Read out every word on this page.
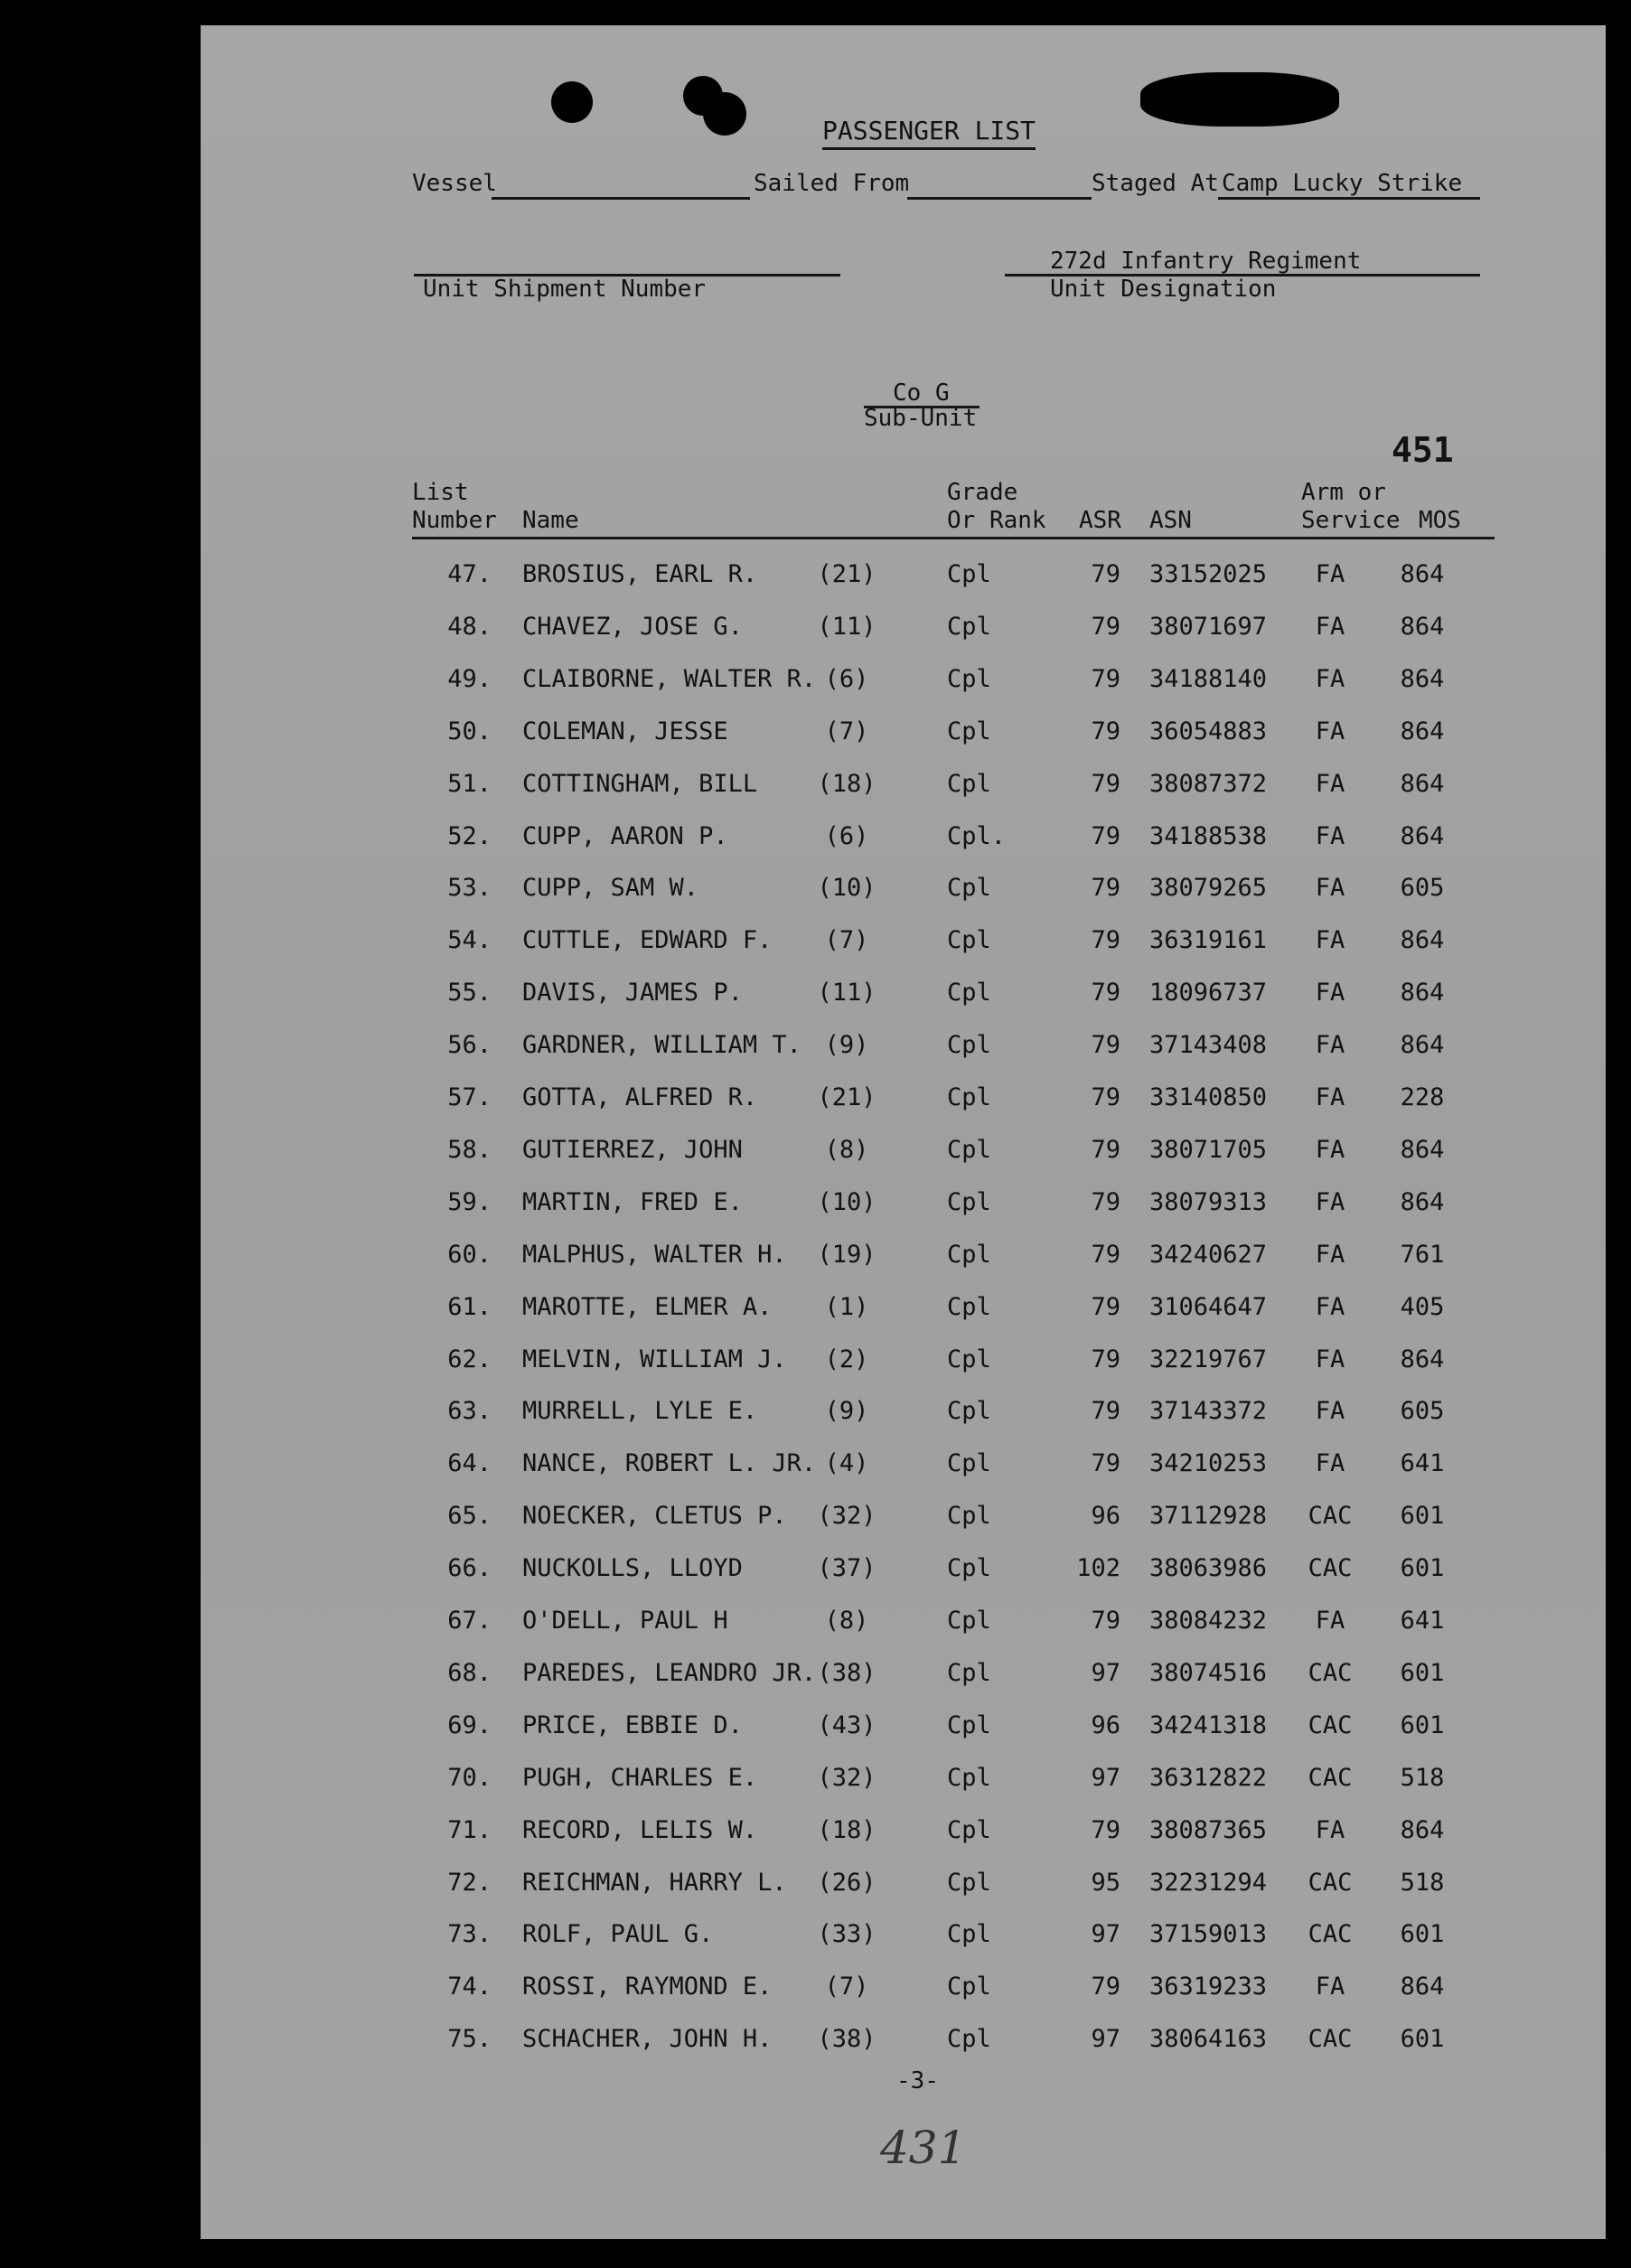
PASSENGER LIST
Vessel	Sailed From	Staged At Camp Lucky Strike
Unit Shipment Number
272d Infantry Regiment
Unit Designation
Co G
Sub-Unit
451
List
Number Name
Grade
Or Rank ASR ASN
Arm or
Service MOS
47. BROSIUS, EARL R. (21)	Cpl	79 33152025	FA	864
48. CHAVEZ, JOSE G.	(11)	Cpl	79 38071697	FA	864
49. CLAIBORNE, WALTER R. (6)	Cpl	79 34188140	FA	864
50. COLEMAN, JESSE	(7)	Cpl	79 36054883	FA	864
51. COTTINGHAM, BILL (18)	Cpl	79 38087372	FA	864
52. CUPP, AARON P.	(6)	Cpl.	79 34188538	FA	864
53. CUPP, SAM W.	(10)	Cpl	79 38079265	FA	605
54. CUTTLE, EDWARD F.	(7)	Cpl	79 36319161	FA	864
55. DAVIS, JAMES P.	(11)	Cpl	79 18096737	FA	864
56. GARDNER, WILLIAM T. (9)	Cpl	79 37143408	FA	864
57. GOTTA, ALFRED R. (21)	Cpl	79 33140850	FA	228
58. GUTIERREZ, JOHN	(8)	Cpl	79 38071705	FA	864
59. MARTIN, FRED E.	(10)	Cpl	79 38079313	FA	864
60. MALPHUS, WALTER H. (19)	Cpl	79 34240627	FA	761
61. MAROTTE, ELMER A.	(1)	Cpl	79 31064647	FA	405
62. MELVIN, WILLIAM J.	(2)	Cpl	79 32219767	FA	864
63. MURRELL, LYLE E.	(9)	Cpl	79 37143372	FA	605
64. NANCE, ROBERT L. JR. (4)	Cpl	79 34210253	FA	641
65. NOECKER, CLETUS P. (32)	Cpl	96 37112928	CAC	601
66. NUCKOLLS, LLOYD	(37)	Cpl	102 38063986	CAC	601
67. O'DELL, PAUL H	(8)	Cpl	79 38084232	FA	641
68. PAREDES, LEANDRO JR. (38)	Cpl	97 38074516	CAC	601
69. PRICE, EBBIE D.	(43)	Cpl	96 34241318	CAC	601
70. PUGH, CHARLES E. (32)	Cpl	97 36312822	CAC	518
71. RECORD, LELIS W. (18)	Cpl	79 38087365	FA	864
72. REICHMAN, HARRY L. (26)	Cpl	95 32231294	CAC	518
73. ROLF, PAUL G.	(33)	Cpl	97 37159013	CAC	601
74. ROSSI, RAYMOND E.	(7)	Cpl	79 36319233	FA	864
75. SCHACHER, JOHN H. (38)	Cpl	97 38064163	CAC	601
-3-
431
